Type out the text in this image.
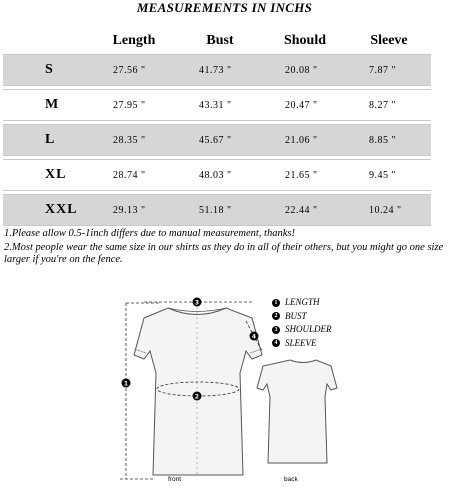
MEASUREMENTS IN INCHS
	Length	Bust	Should	Sleeve
S	27.56 "	41.73 "	20.08 "	7.87 "

M	27.95 "	43.31 "	20.47 "	8.27 "

L	28.35 "	45.67 "	21.06 "	8.85 "

XL	28.74 "	48.03 "	21.65 "	9.45 "

XXL	29.13 "	51.18 "	22.44 "	10.24 "

1.Please allow 0.5-1inch differs due to manual measurement, thanks!

2.Most people wear the same size in our shirts as they do in all of their others, but you might go one size larger if you're on the fence.

1
2
3
4
front	back
1 LENGTH
2 BUST
3 SHOULDER
4 SLEEVE
